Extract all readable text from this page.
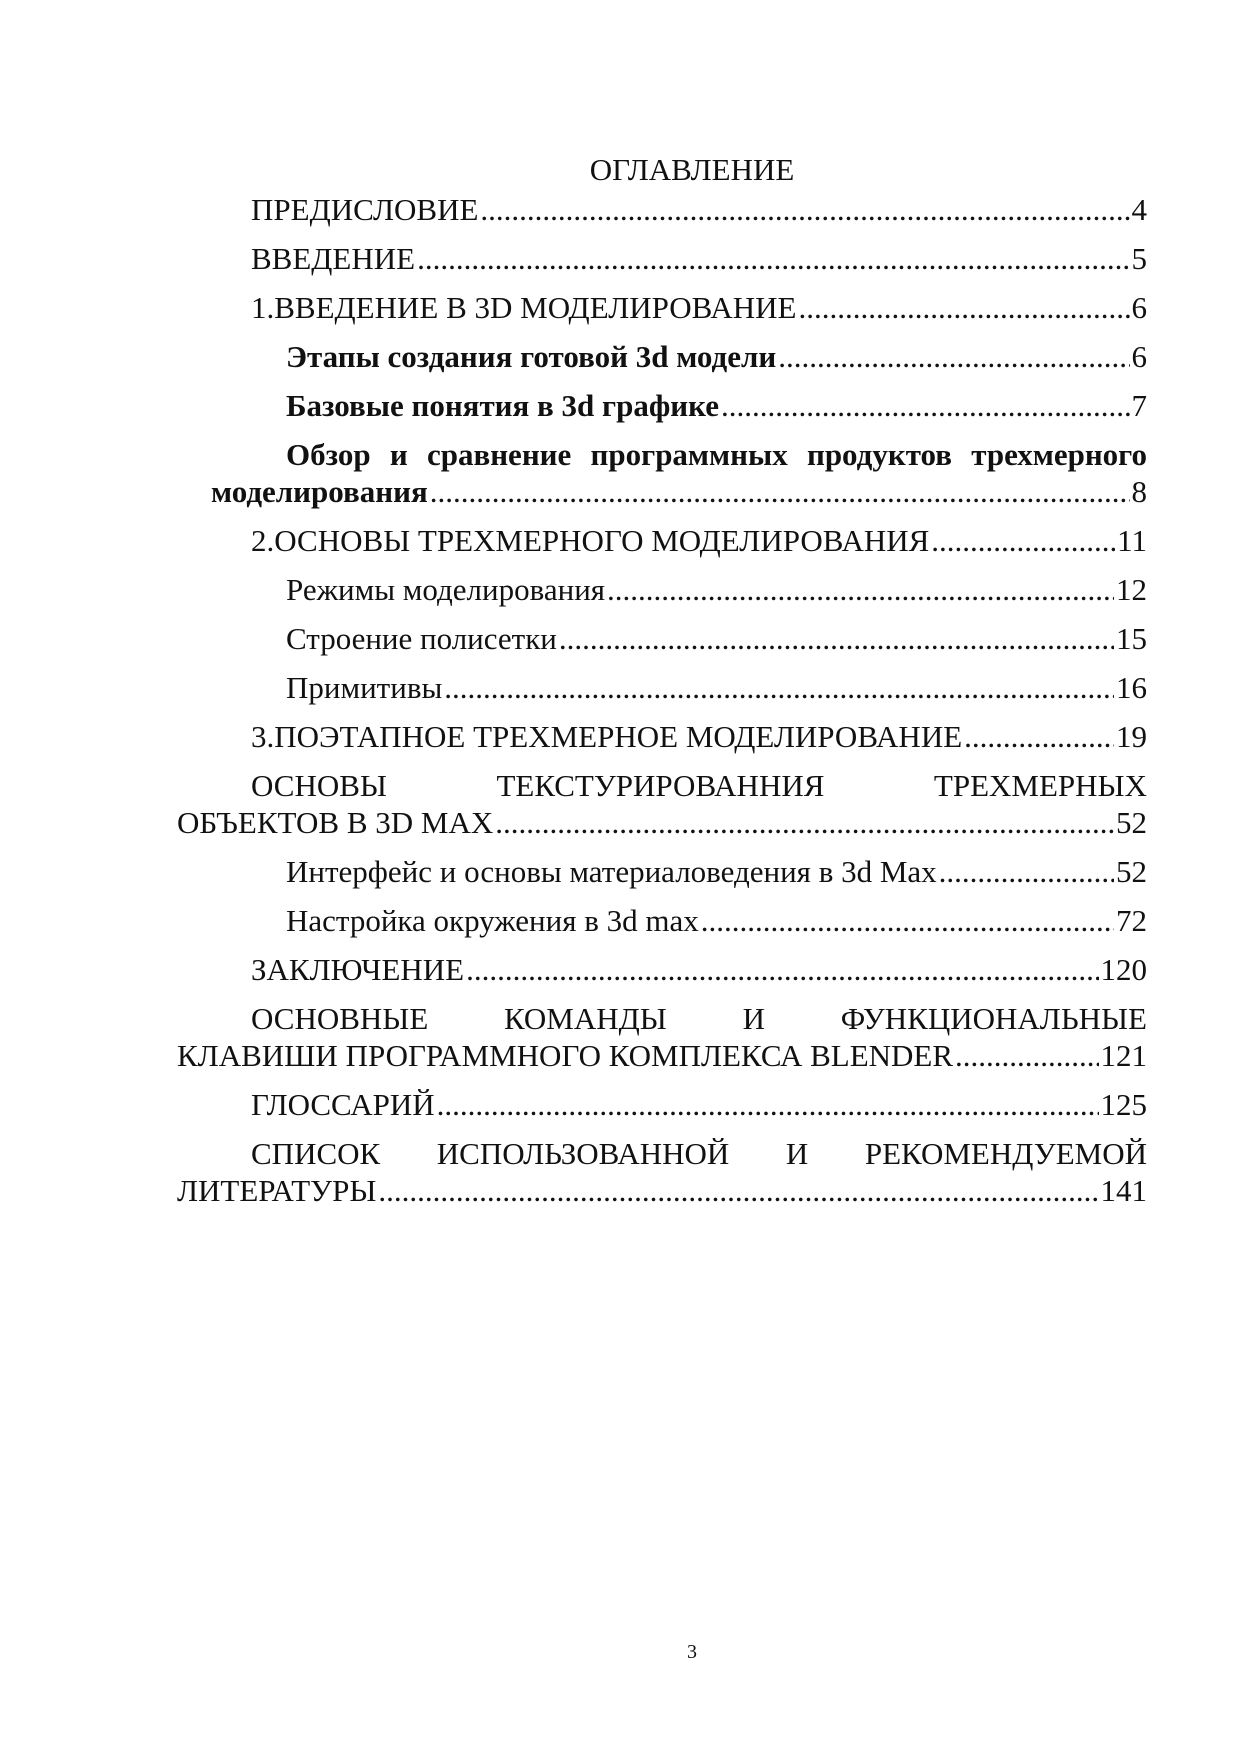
ОГЛАВЛЕНИЕ
ПРЕДИСЛОВИЕ .....	4
ВВЕДЕНИЕ .....	5
1. ВВЕДЕНИЕ В 3D МОДЕЛИРОВАНИЕ .....	6
Этапы создания готовой 3d модели .....	6
Базовые понятия в 3d графике .....	7
Обзор и сравнение программных продуктов трехмерного
моделирования .....	8
2. ОСНОВЫ ТРЕХМЕРНОГО МОДЕЛИРОВАНИЯ .....	11
Режимы моделирования .....	12
Строение полисетки .....	15
Примитивы .....	16
3. ПОЭТАПНОЕ ТРЕХМЕРНОЕ МОДЕЛИРОВАНИЕ .....	19
ОСНОВЫ	ТЕКСТУРИРОВАННИЯ	ТРЕХМЕРНЫХ
ОБЪЕКТОВ В 3D MAX .....	52
Интерфейс и основы материаловедения в 3d Max .....	52
Настройка окружения в 3d max .....	72
ЗАКЛЮЧЕНИЕ .....	120
ОСНОВНЫЕ КОМАНДЫ И ФУНКЦИОНАЛЬНЫЕ
КЛАВИШИ ПРОГРАММНОГО КОМПЛЕКСА BLENDER .....	121
ГЛОССАРИЙ .....	125
СПИСОК ИСПОЛЬЗОВАННОЙ И РЕКОМЕНДУЕМОЙ
ЛИТЕРАТУРЫ .....	141
3
